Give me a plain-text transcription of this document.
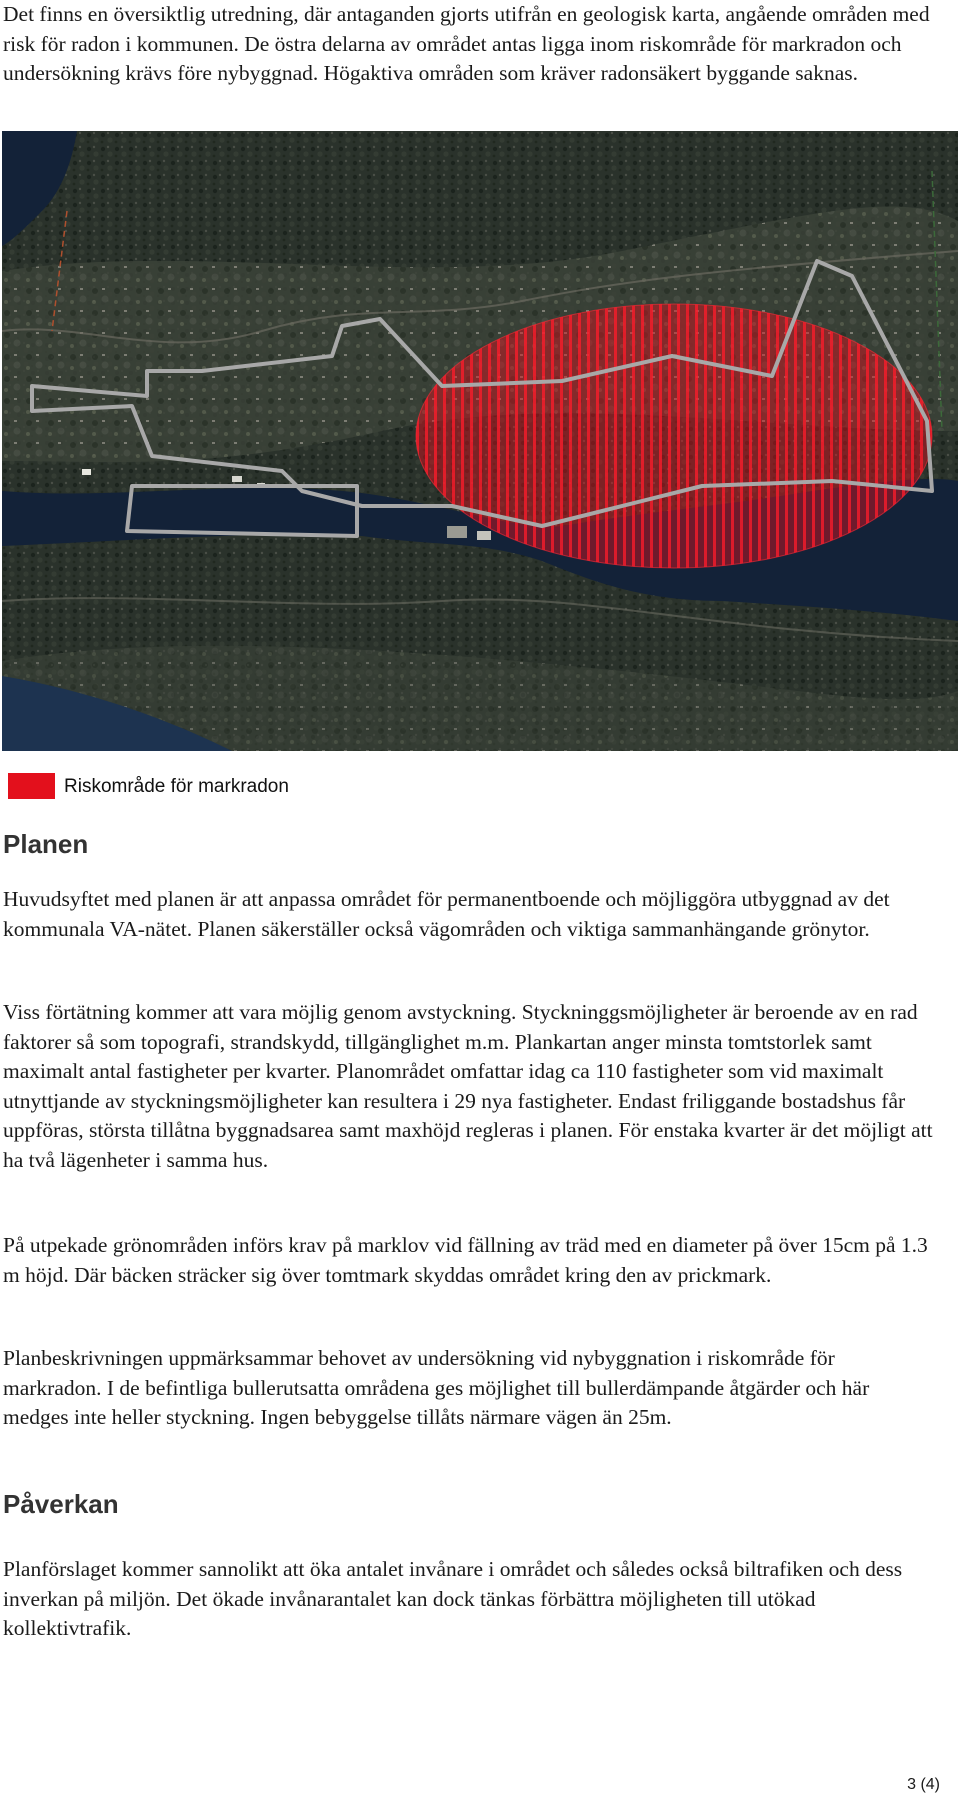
Det finns en översiktlig utredning, där antaganden gjorts utifrån en geologisk karta, angående områden med risk för radon i kommunen. De östra delarna av området antas ligga inom riskområde för markradon och undersökning krävs före nybyggnad. Högaktiva områden som kräver radonsäkert byggande saknas.

Riskområde för markradon
Planen

Huvudsyftet med planen är att anpassa området för permanentboende och möjliggöra utbyggnad av det kommunala VA-nätet. Planen säkerställer också vägområden och viktiga sammanhängande grönytor.

Viss förtätning kommer att vara möjlig genom avstyckning. Styckninggsmöjligheter är beroende av en rad faktorer så som topografi, strandskydd, tillgänglighet m.m. Plankartan anger minsta tomtstorlek samt maximalt antal fastigheter per kvarter. Planområdet omfattar idag ca 110 fastigheter som vid maximalt utnyttjande av styckningsmöjligheter kan resultera i 29 nya fastigheter. Endast friliggande bostadshus får uppföras, största tillåtna byggnadsarea samt maxhöjd regleras i planen. För enstaka kvarter är det möjligt att ha två lägenheter i samma hus.

På utpekade grönområden införs krav på marklov vid fällning av träd med en diameter på över 15cm på 1.3 m höjd. Där bäcken sträcker sig över tomtmark skyddas området kring den av prickmark.

Planbeskrivningen uppmärksammar behovet av undersökning vid nybyggnation i riskområde för markradon. I de befintliga bullerutsatta områdena ges möjlighet till bullerdämpande åtgärder och här medges inte heller styckning. Ingen bebyggelse tillåts närmare vägen än 25m.

Påverkan

Planförslaget kommer sannolikt att öka antalet invånare i området och således också biltrafiken och dess inverkan på miljön. Det ökade invånarantalet kan dock tänkas förbättra möjligheten till utökad kollektivtrafik.

3 (4)
